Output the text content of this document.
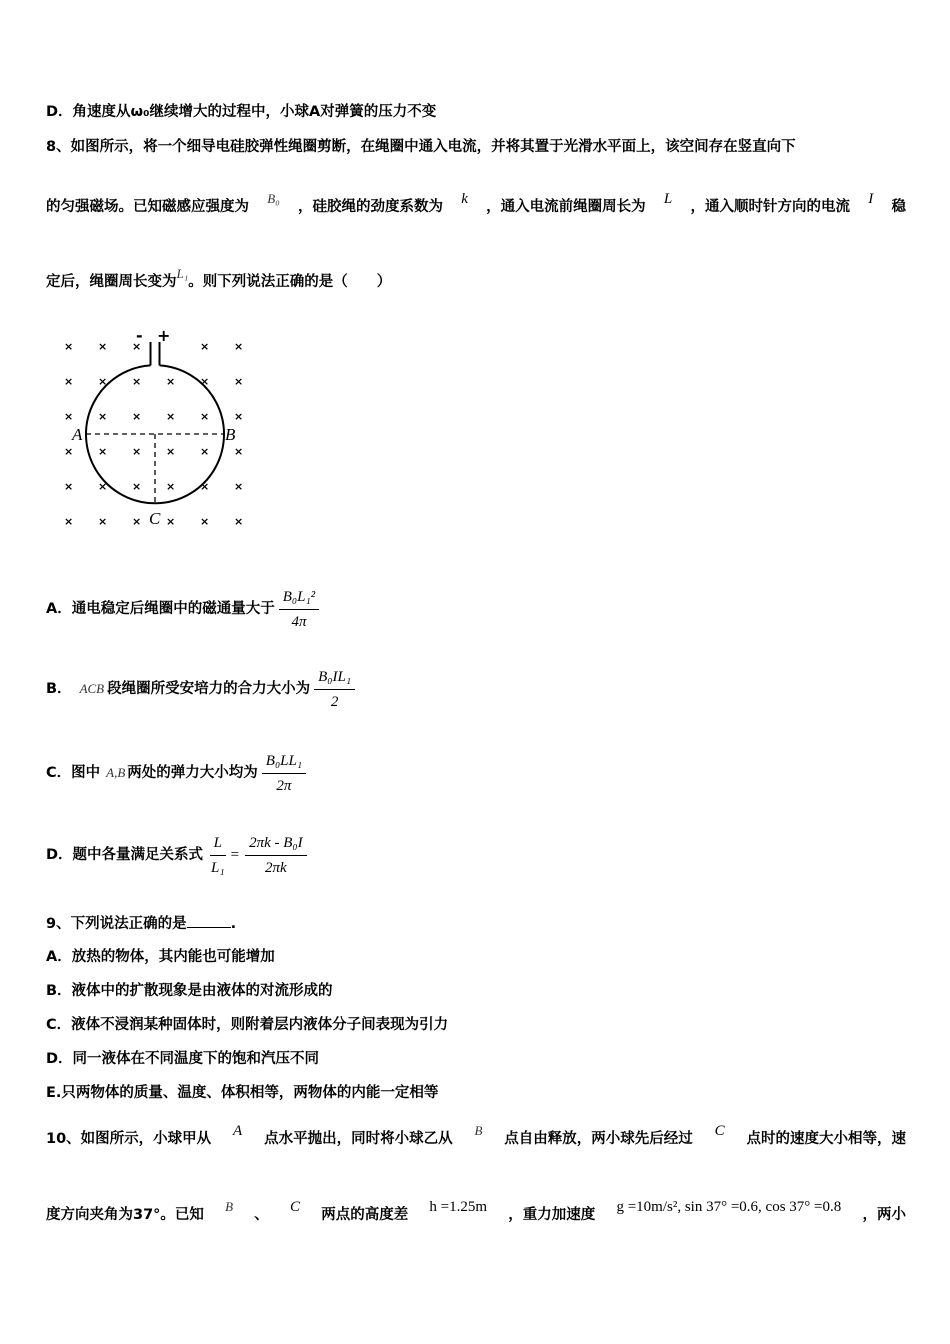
D．角速度从ω₀继续增大的过程中，小球A对弹簧的压力不变
8、如图所示，将一个细导电硅胶弹性绳圈剪断，在绳圈中通入电流，并将其置于光滑水平面上，该空间存在竖直向下
的匀强磁场。已知磁感应强度为
B₀
，硅胶绳的劲度系数为 k ，通入电流前绳圈周长为 L ，通入顺时针方向的电流 I 稳
定后，绳圈周长变为L₁。则下列说法正确的是（　　）
× × ×	× ×
× × × × × ×
× × × × × ×
× × × × × ×
× × × × × ×
× × × × × ×
- +
A	B
C
A．通电稳定后绳圈中的磁通量大于 $\frac{\text{B₀L₁²}}{4\pi}$
B． ACB 段绳圈所受安培力的合力大小为 $\frac{\text{B₀IL₁}}{2}$
C．图中 A,B 两处的弹力大小均为 $\frac{\text{B₀LL₁}}{2\pi}$
D．题中各量满足关系式 $\frac{L}{\text{L₁}} = \frac{\text{2πk - B₀I}}{2\pi k}$
9、下列说法正确的是	.
A．放热的物体，其内能也可能增加
B．液体中的扩散现象是由液体的对流形成的
C．液体不浸润某种固体时，则附着层内液体分子间表现为引力
D．同一液体在不同温度下的饱和汽压不同
E.只两物体的质量、温度、体积相等，两物体的内能一定相等
10、如图所示，小球甲从 A 点水平抛出，同时将小球乙从
B
点自由释放，两小球先后经过 C 点时的速度大小相等，速
度方向夹角为37°。已知
B
、 C 两点的高度差 h =1.25m ，重力加速度 g =10m/s², sin 37° =0.6, cos 37° =0.8 ，两小
